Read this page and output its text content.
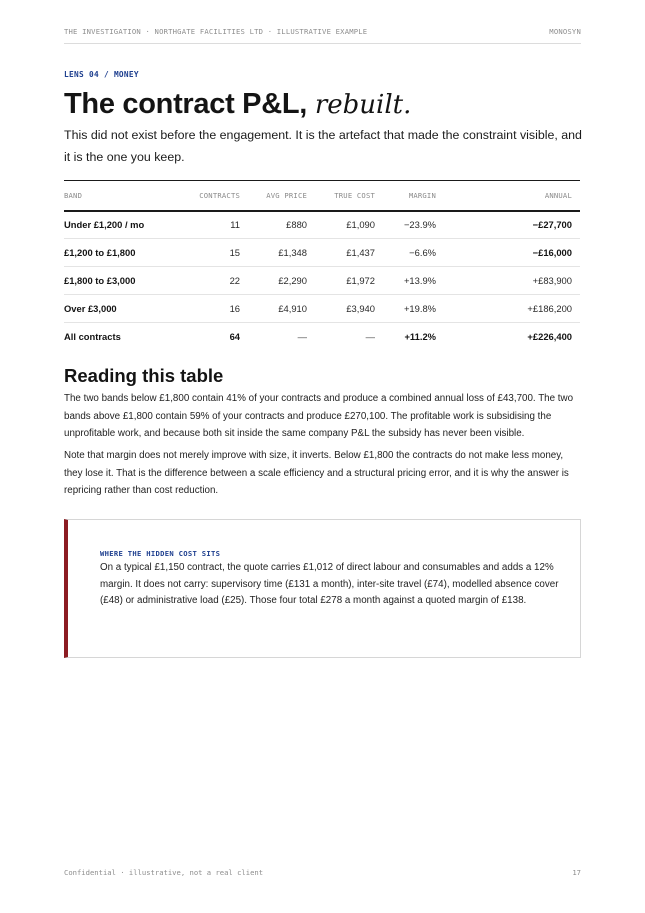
THE INVESTIGATION · NORTHGATE FACILITIES LTD · ILLUSTRATIVE EXAMPLE	MONOSYN
LENS 04 / MONEY
The contract P&L, rebuilt.

This did not exist before the engagement. It is the artefact that made the constraint visible, and it is the one you keep.

BAND	CONTRACTS	AVG PRICE	TRUE COST	MARGIN	ANNUAL
Under £1,200 / mo	11	£880	£1,090	−23.9%	−£27,700
£1,200 to £1,800	15	£1,348	£1,437	−6.6%	−£16,000
£1,800 to £3,000	22	£2,290	£1,972	+13.9%	+£83,900
Over £3,000	16	£4,910	£3,940	+19.8%	+£186,200
All contracts	64	—	—	+11.2%	+£226,400
Reading this table

The two bands below £1,800 contain 41% of your contracts and produce a combined annual loss of £43,700. The two bands above £1,800 contain 59% of your contracts and produce £270,100. The profitable work is subsidising the unprofitable work, and because both sit inside the same company P&L the subsidy has never been visible.

Note that margin does not merely improve with size, it inverts. Below £1,800 the contracts do not make less money, they lose it. That is the difference between a scale efficiency and a structural pricing error, and it is why the answer is repricing rather than cost reduction.

WHERE THE HIDDEN COST SITS

On a typical £1,150 contract, the quote carries £1,012 of direct labour and consumables and adds a 12% margin. It does not carry: supervisory time (£131 a month), inter-site travel (£74), modelled absence cover (£48) or administrative load (£25). Those four total £278 a month against a quoted margin of £138.

Confidential · illustrative, not a real client	17
